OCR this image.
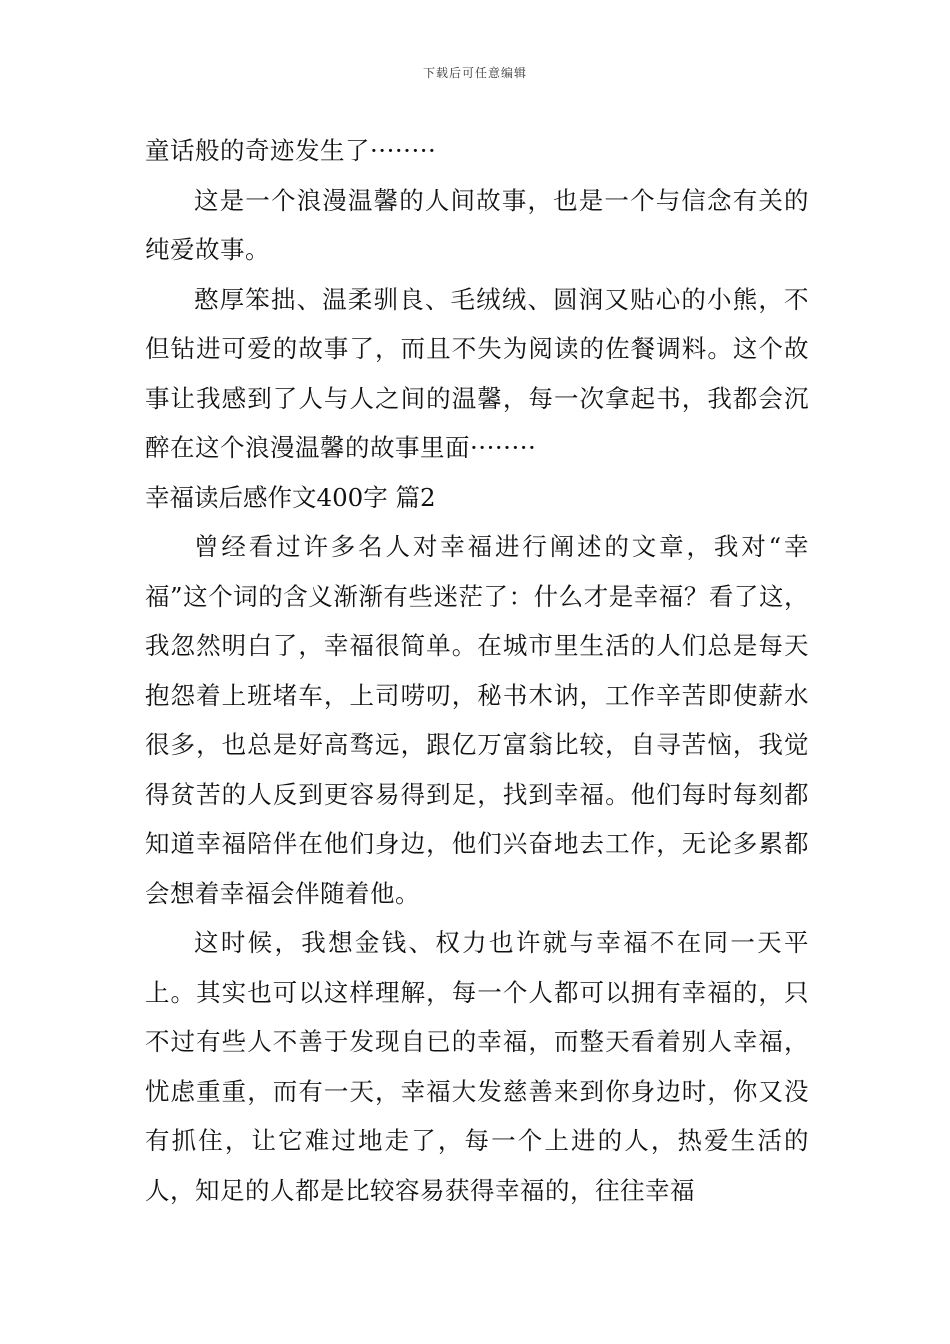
下载后可任意编辑

童话般的奇迹发生了········

这是一个浪漫温馨的人间故事，也是一个与信念有关的纯爱故事。

憨厚笨拙、温柔驯良、毛绒绒、圆润又贴心的小熊，不但钻进可爱的故事了，而且不失为阅读的佐餐调料。这个故事让我感到了人与人之间的温馨，每一次拿起书，我都会沉醉在这个浪漫温馨的故事里面········

幸福读后感作文400字 篇2

曾经看过许多名人对幸福进行阐述的文章，我对“幸福”这个词的含义渐渐有些迷茫了：什么才是幸福？看了这，我忽然明白了，幸福很简单。在城市里生活的人们总是每天抱怨着上班堵车，上司唠叨，秘书木讷，工作辛苦即使薪水很多，也总是好高骛远，跟亿万富翁比较，自寻苦恼，我觉得贫苦的人反到更容易得到足，找到幸福。他们每时每刻都知道幸福陪伴在他们身边，他们兴奋地去工作，无论多累都会想着幸福会伴随着他。

这时候，我想金钱、权力也许就与幸福不在同一天平上。其实也可以这样理解，每一个人都可以拥有幸福的，只不过有些人不善于发现自已的幸福，而整天看着别人幸福，忧虑重重，而有一天，幸福大发慈善来到你身边时，你又没有抓住，让它难过地走了，每一个上进的人，热爱生活的人，知足的人都是比较容易获得幸福的，往往幸福
